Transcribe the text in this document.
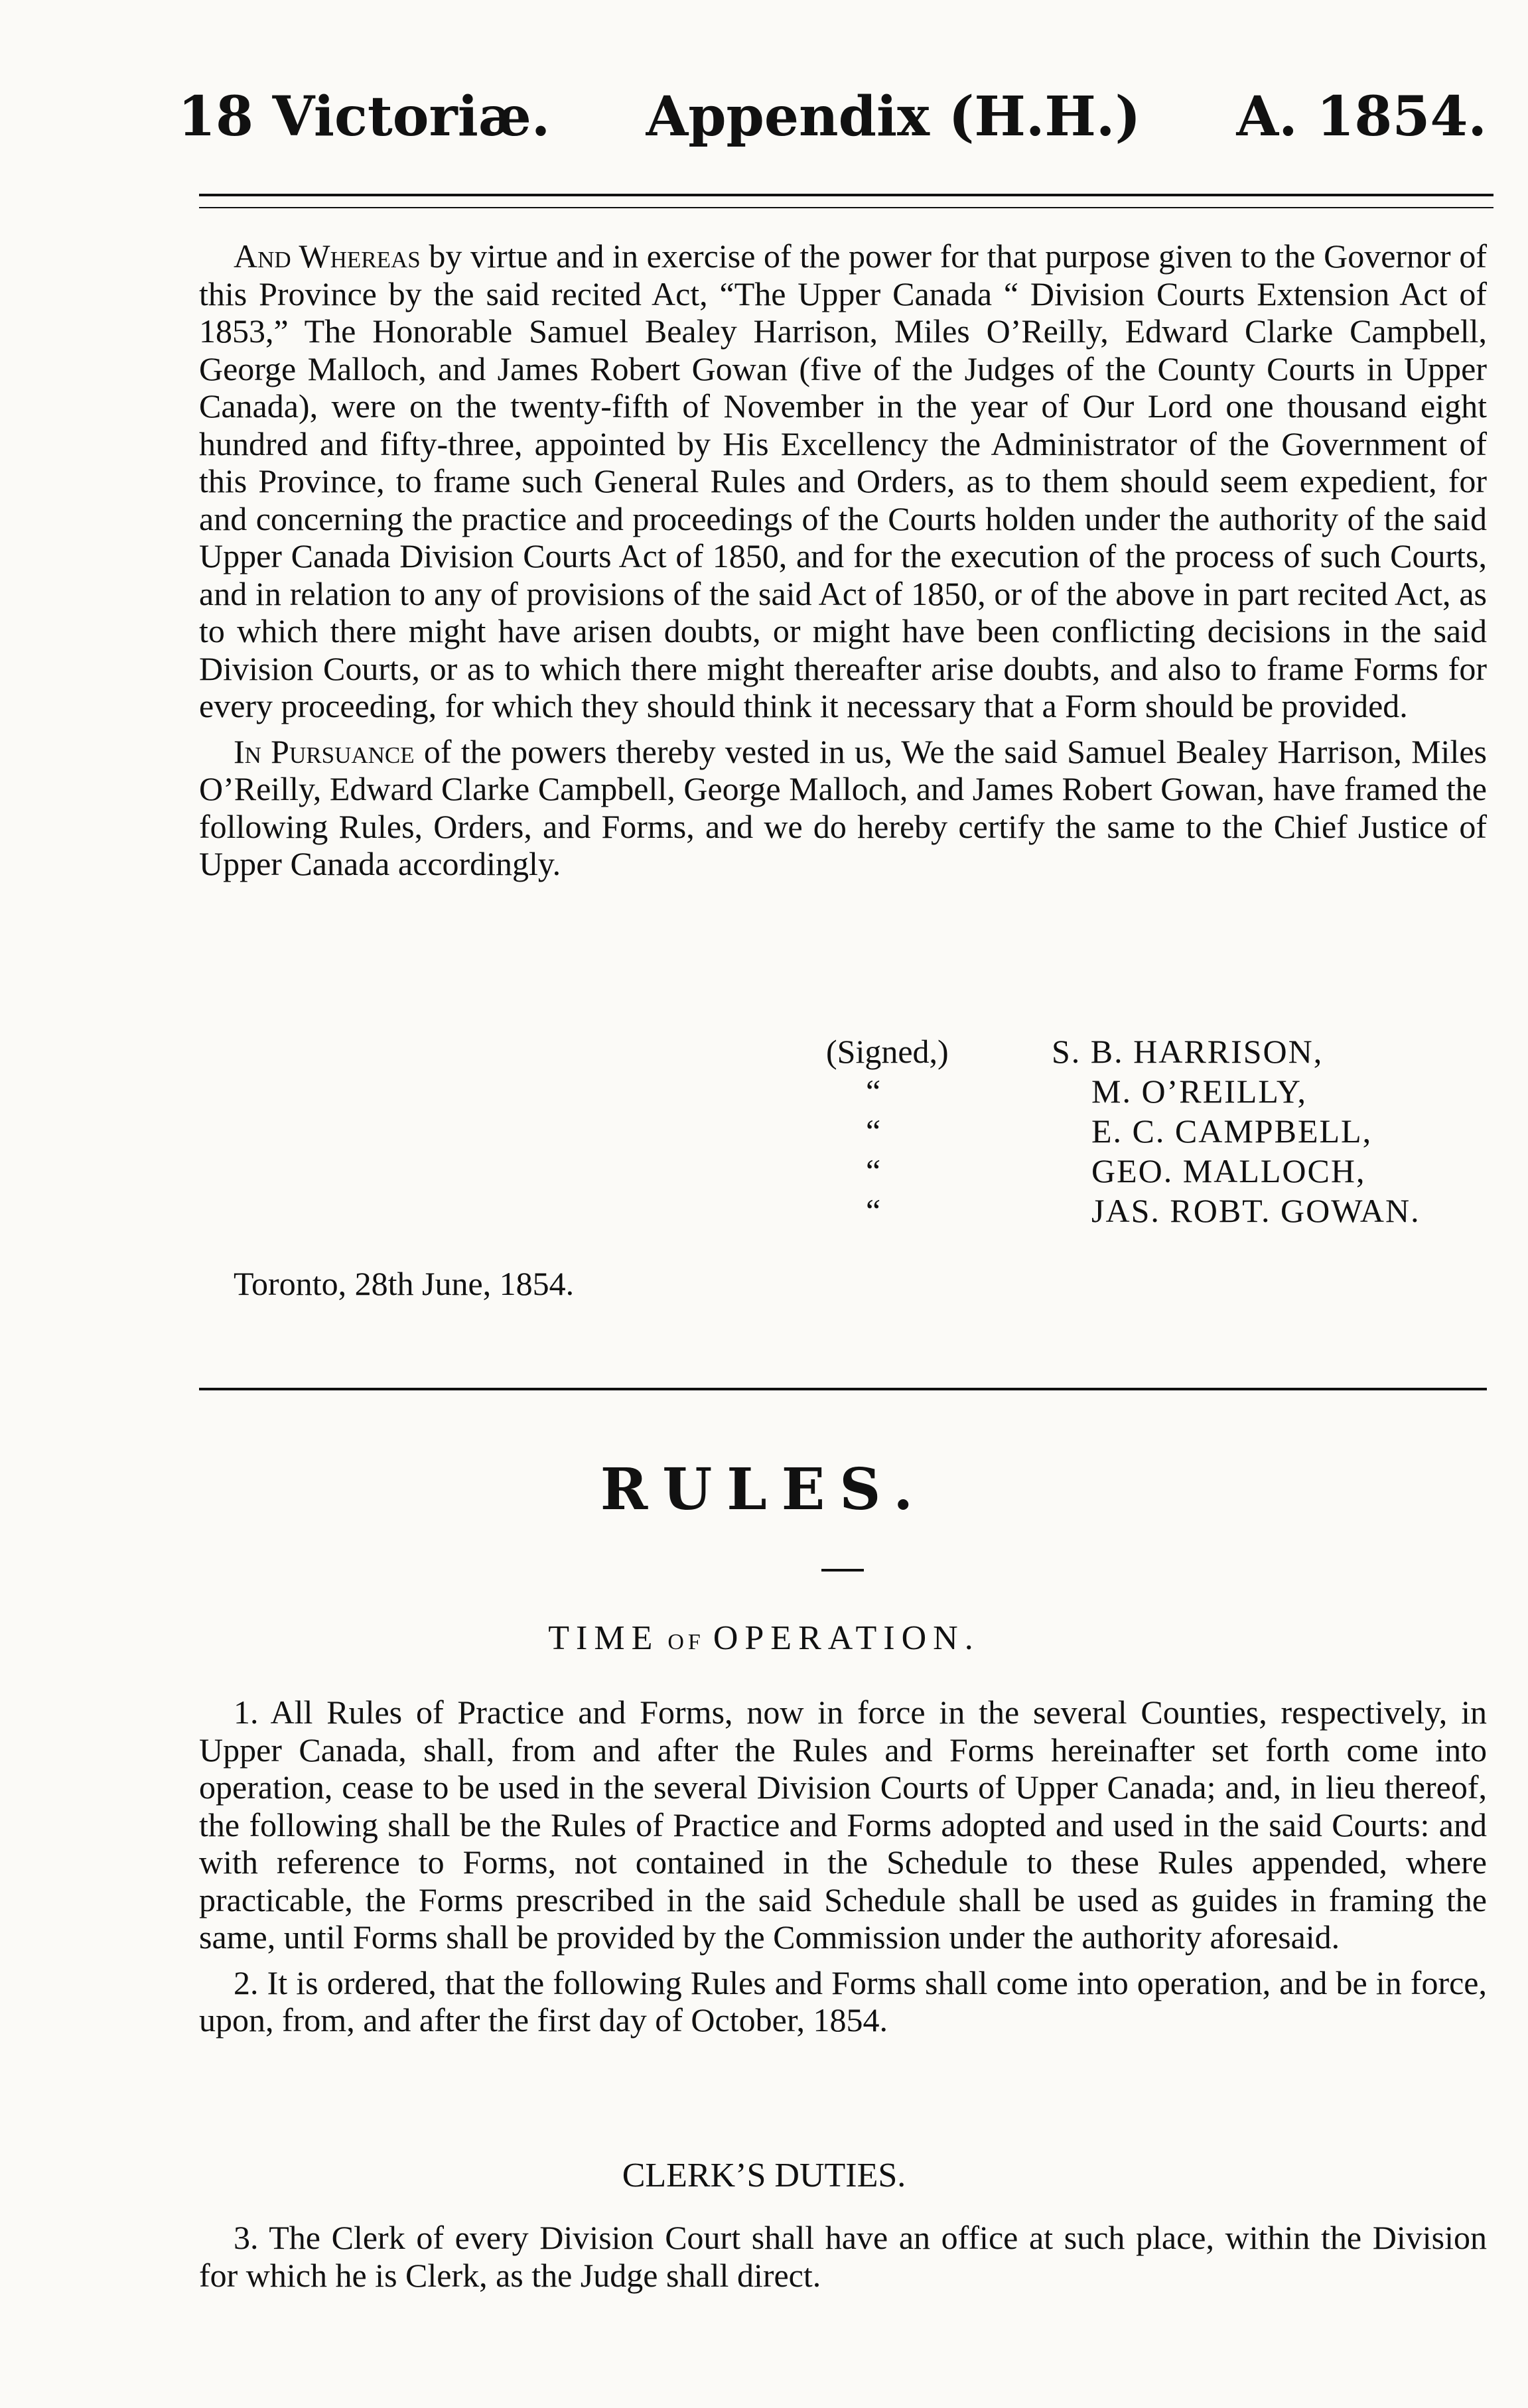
18 Victoriæ. Appendix (H.H.) A. 1854.

And Whereas by virtue and in exercise of the power for that purpose given to the Governor of this Province by the said recited Act, “The Upper Canada “ Division Courts Extension Act of 1853,” The Honorable Samuel Bealey Harrison, Miles O’Reilly, Edward Clarke Campbell, George Malloch, and James Robert Gowan (five of the Judges of the County Courts in Upper Canada), were on the twenty-fifth of November in the year of Our Lord one thousand eight hundred and fifty-three, appointed by His Excellency the Administrator of the Government of this Province, to frame such General Rules and Orders, as to them should seem expedient, for and concerning the practice and proceedings of the Courts holden under the authority of the said Upper Canada Division Courts Act of 1850, and for the execution of the process of such Courts, and in relation to any of provisions of the said Act of 1850, or of the above in part recited Act, as to which there might have arisen doubts, or might have been conflicting decisions in the said Division Courts, or as to which there might thereafter arise doubts, and also to frame Forms for every proceeding, for which they should think it necessary that a Form should be provided.

In Pursuance of the powers thereby vested in us, We the said Samuel Bealey Harrison, Miles O’Reilly, Edward Clarke Campbell, George Malloch, and James Robert Gowan, have framed the following Rules, Orders, and Forms, and we do hereby certify the same to the Chief Justice of Upper Canada accordingly.

(Signed,)	S. B. HARRISON,
“	M. O’REILLY,
“	E. C. CAMPBELL,
“	GEO. MALLOCH,
“	JAS. ROBT. GOWAN.
Toronto, 28th June, 1854.
RULES.
TIME OF OPERATION.

1. All Rules of Practice and Forms, now in force in the several Counties, respectively, in Upper Canada, shall, from and after the Rules and Forms hereinafter set forth come into operation, cease to be used in the several Division Courts of Upper Canada; and, in lieu thereof, the following shall be the Rules of Practice and Forms adopted and used in the said Courts: and with reference to Forms, not contained in the Schedule to these Rules appended, where practicable, the Forms prescribed in the said Schedule shall be used as guides in framing the same, until Forms shall be provided by the Commission under the authority aforesaid.

2. It is ordered, that the following Rules and Forms shall come into operation, and be in force, upon, from, and after the first day of October, 1854.

CLERK’S DUTIES.

3. The Clerk of every Division Court shall have an office at such place, within the Division for which he is Clerk, as the Judge shall direct.
